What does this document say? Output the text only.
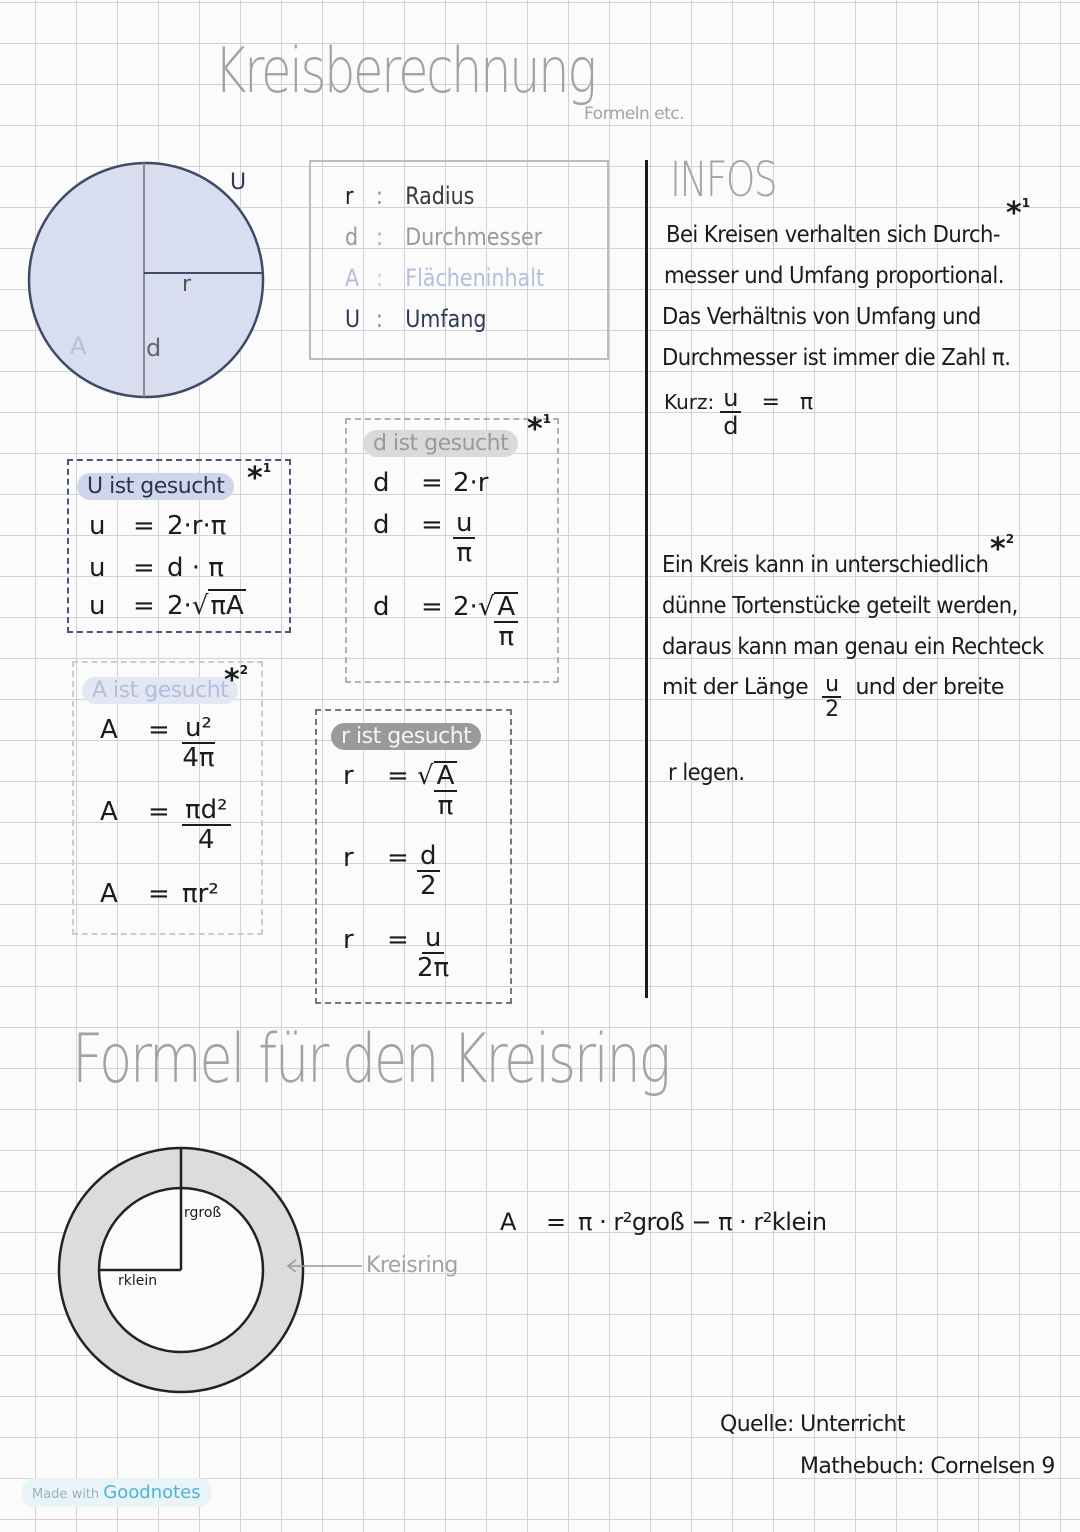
Kreisberechnung
Formeln etc.
U
r
d
A
r : Radius
d : Durchmesser
A : Flächeninhalt
U : Umfang
U ist gesucht *$^1$
u = 2·r·π
u = d · π
u = 2·√πA
d ist gesucht *$^1$
d = 2·r
$d = \frac{u}{\pi}$
$d = 2\cdot√ \frac{A}{\pi}$
A ist gesucht
*$^2$
$A = \frac{\text{u²}}{4\pi}$
$A = \frac{\text{πd²}}{4}$
A = πr²
r ist gesucht
r = √ $\frac{A}{\pi}$
$r = \frac{d}{2}$
$r = \frac{u}{2\pi}$
INFOS
*$^1$
Bei Kreisen verhalten sich Durch-
messer und Umfang proportional.
Das Verhältnis von Umfang und
Durchmesser ist immer die Zahl π.
Kurz: $\frac{u}{d} = \pi$
*$^2$
Ein Kreis kann in unterschiedlich
dünne Tortenstücke geteilt werden,
daraus kann man genau ein Rechteck
mit der Länge $\frac{u}{2}$ und der breite
r legen.
Formel für den Kreisring
rgroß
rklein
Kreisring
A = π · r²groß − π · r²klein
Quelle: Unterricht
Mathebuch: Cornelsen 9
Made with Goodnotes
